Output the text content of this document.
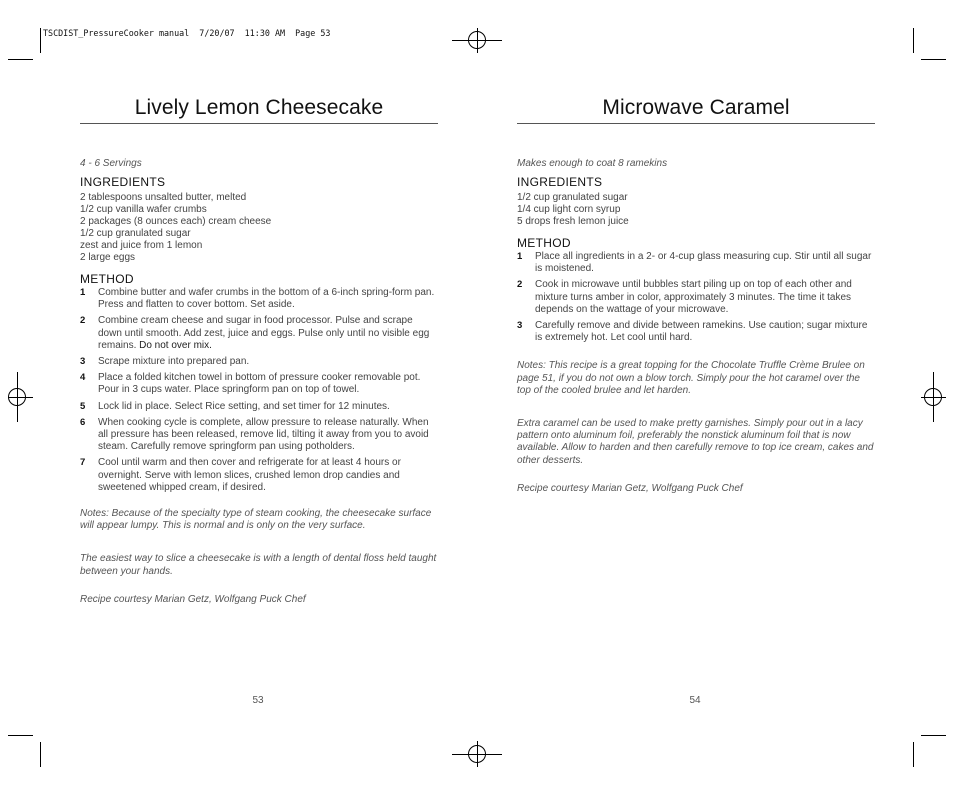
TSCDIST_PressureCooker manual  7/20/07  11:30 AM  Page 53
Lively Lemon Cheesecake
4 - 6 Servings
INGREDIENTS
2 tablespoons unsalted butter, melted
1/2 cup vanilla wafer crumbs
2 packages (8 ounces each) cream cheese
1/2 cup granulated sugar
zest and juice from 1 lemon
2 large eggs
METHOD
1	Combine butter and wafer crumbs in the bottom of a 6-inch spring-form pan. Press and flatten to cover bottom. Set aside.
2	Combine cream cheese and sugar in food processor. Pulse and scrape down until smooth. Add zest, juice and eggs. Pulse only until no visible egg remains. Do not over mix.
3	Scrape mixture into prepared pan.
4	Place a folded kitchen towel in bottom of pressure cooker removable pot. Pour in 3 cups water. Place springform pan on top of towel.
5	Lock lid in place. Select Rice setting, and set timer for 12 minutes.
6	When cooking cycle is complete, allow pressure to release naturally. When all pressure has been released, remove lid, tilting it away from you to avoid steam. Carefully remove springform pan using potholders.
7	Cool until warm and then cover and refrigerate for at least 4 hours or overnight. Serve with lemon slices, crushed lemon drop candies and sweetened whipped cream, if desired.
Notes: Because of the specialty type of steam cooking, the cheesecake surface will appear lumpy. This is normal and is only on the very surface.
The easiest way to slice a cheesecake is with a length of dental floss held taught between your hands.
Recipe courtesy Marian Getz, Wolfgang Puck Chef
53
Microwave Caramel
Makes enough to coat 8 ramekins
INGREDIENTS
1/2 cup granulated sugar
1/4 cup light corn syrup
5 drops fresh lemon juice
METHOD
1	Place all ingredients in a 2- or 4-cup glass measuring cup. Stir until all sugar is moistened.
2	Cook in microwave until bubbles start piling up on top of each other and mixture turns amber in color, approximately 3 minutes. The time it takes depends on the wattage of your microwave.
3	Carefully remove and divide between ramekins. Use caution; sugar mixture is extremely hot. Let cool until hard.
Notes: This recipe is a great topping for the Chocolate Truffle Crème Brulee on page 51, if you do not own a blow torch. Simply pour the hot caramel over the top of the cooled brulee and let harden.
Extra caramel can be used to make pretty garnishes. Simply pour out in a lacy pattern onto aluminum foil, preferably the nonstick aluminum foil that is now available. Allow to harden and then carefully remove to top ice cream, cakes and other desserts.
Recipe courtesy Marian Getz, Wolfgang Puck Chef
54
